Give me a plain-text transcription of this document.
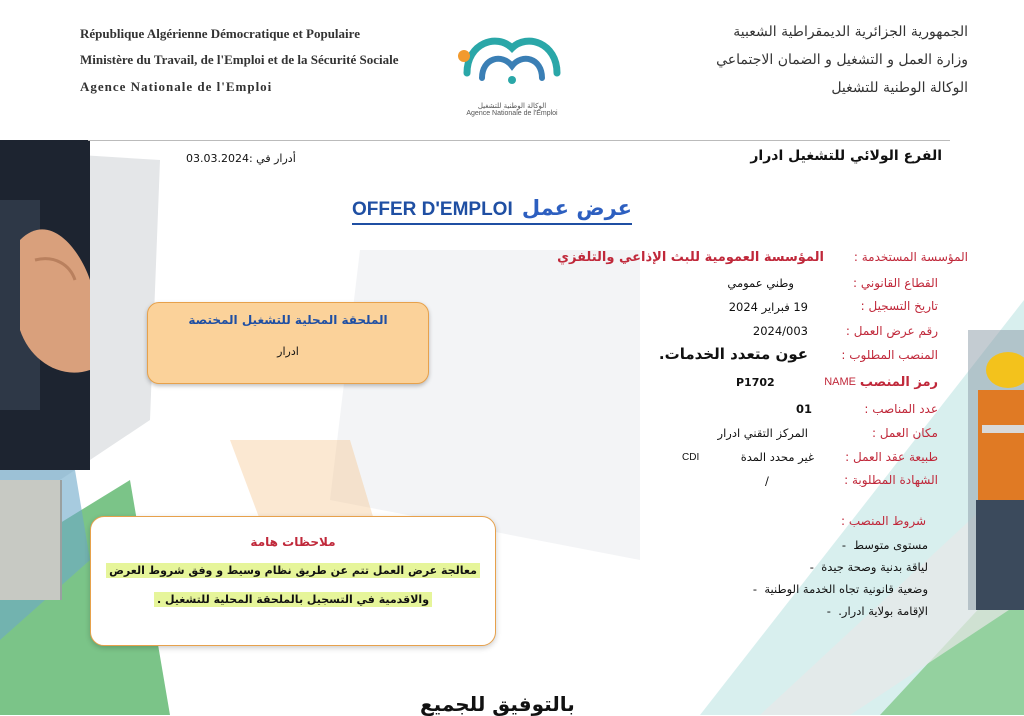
République Algérienne Démocratique et Populaire
Ministère du Travail, de l'Emploi et de la Sécurité Sociale
Agence Nationale de l'Emploi
الجمهورية الجزائرية الديمقراطية الشعبية
وزارة العمل و التشغيل و الضمان الاجتماعي
الوكالة الوطنية للتشغيل
الوكالة الوطنية للتشغيل
Agence Nationale de l'Emploi
الفرع الولائي للتشغيل ادرار
أدرار في :03.03.2024
OFFER D'EMPLOI عرض عمل
المؤسسة المستخدمة :
القطاع القانوني :
تاريخ التسجيل :
رقم عرض العمل :
المنصب المطلوب :
رمز المنصب
عدد المناصب :
مكان العمل :
طبيعة عقد العمل :
الشهادة المطلوبة :
شروط المنصب :
المؤسسة العمومية للبث الإذاعي والتلفزي
وطني عمومي
19 فبراير 2024
2024/003
عون متعدد الخدمات.
NAME
P1702
01
المركز التقني ادرار
غير محدد المدة
CDI
/
مستوى متوسط  -
لياقة بدنية وصحة جيدة  -
وضعية قانونية تجاه الخدمة الوطنية  -
الإقامة بولاية ادرار.  -
الملحقة المحلية للتشغيل المختصة
ادرار
ملاحظات هامة
معالجة عرض العمل تتم عن طريق نظام وسيط و وفق شروط العرض
والاقدمية في التسجيل بالملحقة المحلية للتشغيل .
بالتوفيق للجميع
